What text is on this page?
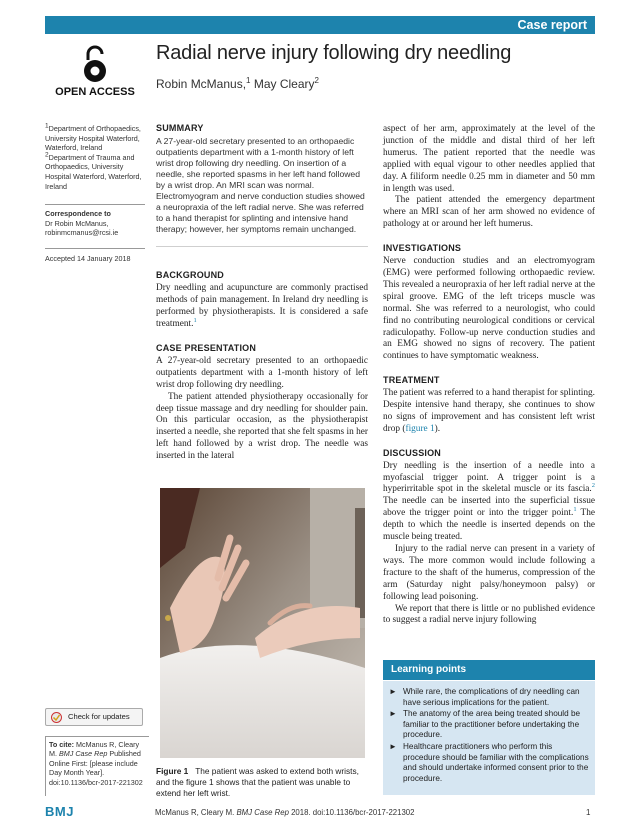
Case report
OPEN ACCESS
Radial nerve injury following dry needling
Robin McManus,$^1$ May Cleary$^2$
$^1$Department of Orthopaedics, University Hospital Waterford, Waterford, Ireland
$^2$Department of Trauma and Orthopaedics, University Hospital Waterford, Waterford, Ireland
Correspondence to
Dr Robin McManus,
robinmcmanus@rcsi.ie
Accepted 14 January 2018
SUMMARY

A 27-year-old secretary presented to an orthopaedic outpatients department with a 1-month history of left wrist drop following dry needling. On insertion of a needle, she reported spasms in her left hand followed by a wrist drop. An MRI scan was normal. Electromyogram and nerve conduction studies showed a neuropraxia of the left radial nerve. She was referred to a hand therapist for splinting and intensive hand therapy; however, her symptoms remain unchanged.

BACKGROUND

Dry needling and acupuncture are commonly practised methods of pain management. In Ireland dry needling is performed by physiotherapists. It is considered a safe treatment.$^1$

CASE PRESENTATION

A 27-year-old secretary presented to an orthopaedic outpatients department with a 1-month history of left wrist drop following dry needling.

The patient attended physiotherapy occasionally for deep tissue massage and dry needling for shoulder pain. On this particular occasion, as the physiotherapist inserted a needle, she reported that she felt spasms in her left hand followed by a wrist drop. The needle was inserted in the lateral

aspect of her arm, approximately at the level of the junction of the middle and distal third of her left humerus. The patient reported that the needle was applied with equal vigour to other needles applied that day. A filiform needle 0.25 mm in diameter and 50 mm in length was used.

The patient attended the emergency department where an MRI scan of her arm showed no evidence of pathology at or around her left humerus.

INVESTIGATIONS

Nerve conduction studies and an electromyogram (EMG) were performed following orthopaedic review. This revealed a neuropraxia of her left radial nerve at the spiral groove. EMG of the left triceps muscle was normal. She was referred to a neurologist, who could find no contributing neurological conditions or cervical radiculopathy. Follow-up nerve conduction studies and an EMG showed no signs of recovery. The patient continues to have symptomatic weakness.

TREATMENT

The patient was referred to a hand therapist for splinting. Despite intensive hand therapy, she continues to show no signs of improvement and has consistent left wrist drop (figure 1).

DISCUSSION

Dry needling is the insertion of a needle into a myofascial trigger point. A trigger point is a hyperirritable spot in the skeletal muscle or its fascia.$^2$ The needle can be inserted into the superficial tissue above the trigger point or into the trigger point.$^1$ The depth to which the needle is inserted depends on the muscle being treated.

Injury to the radial nerve can present in a variety of ways. The more common would include following a fracture to the shaft of the humerus, compression of the arm (Saturday night palsy/honeymoon palsy) or following lead poisoning.

We report that there is little or no published evidence to suggest a radial nerve injury following

Figure 1 The patient was asked to extend both wrists, and the figure 1 shows that the patient was unable to extend her left wrist.
Learning points
► While rare, the complications of dry needling can have serious implications for the patient.
► The anatomy of the area being treated should be familiar to the practitioner before undertaking the procedure.
► Healthcare practitioners who perform this procedure should be familiar with the complications and should undertake informed consent prior to the procedure.
Check for updates
To cite: McManus R, Cleary M. BMJ Case Rep Published Online First: [please include Day Month Year]. doi:10.1136/bcr-2017-221302
BMJ	McManus R, Cleary M. BMJ Case Rep 2018. doi:10.1136/bcr-2017-221302	1
